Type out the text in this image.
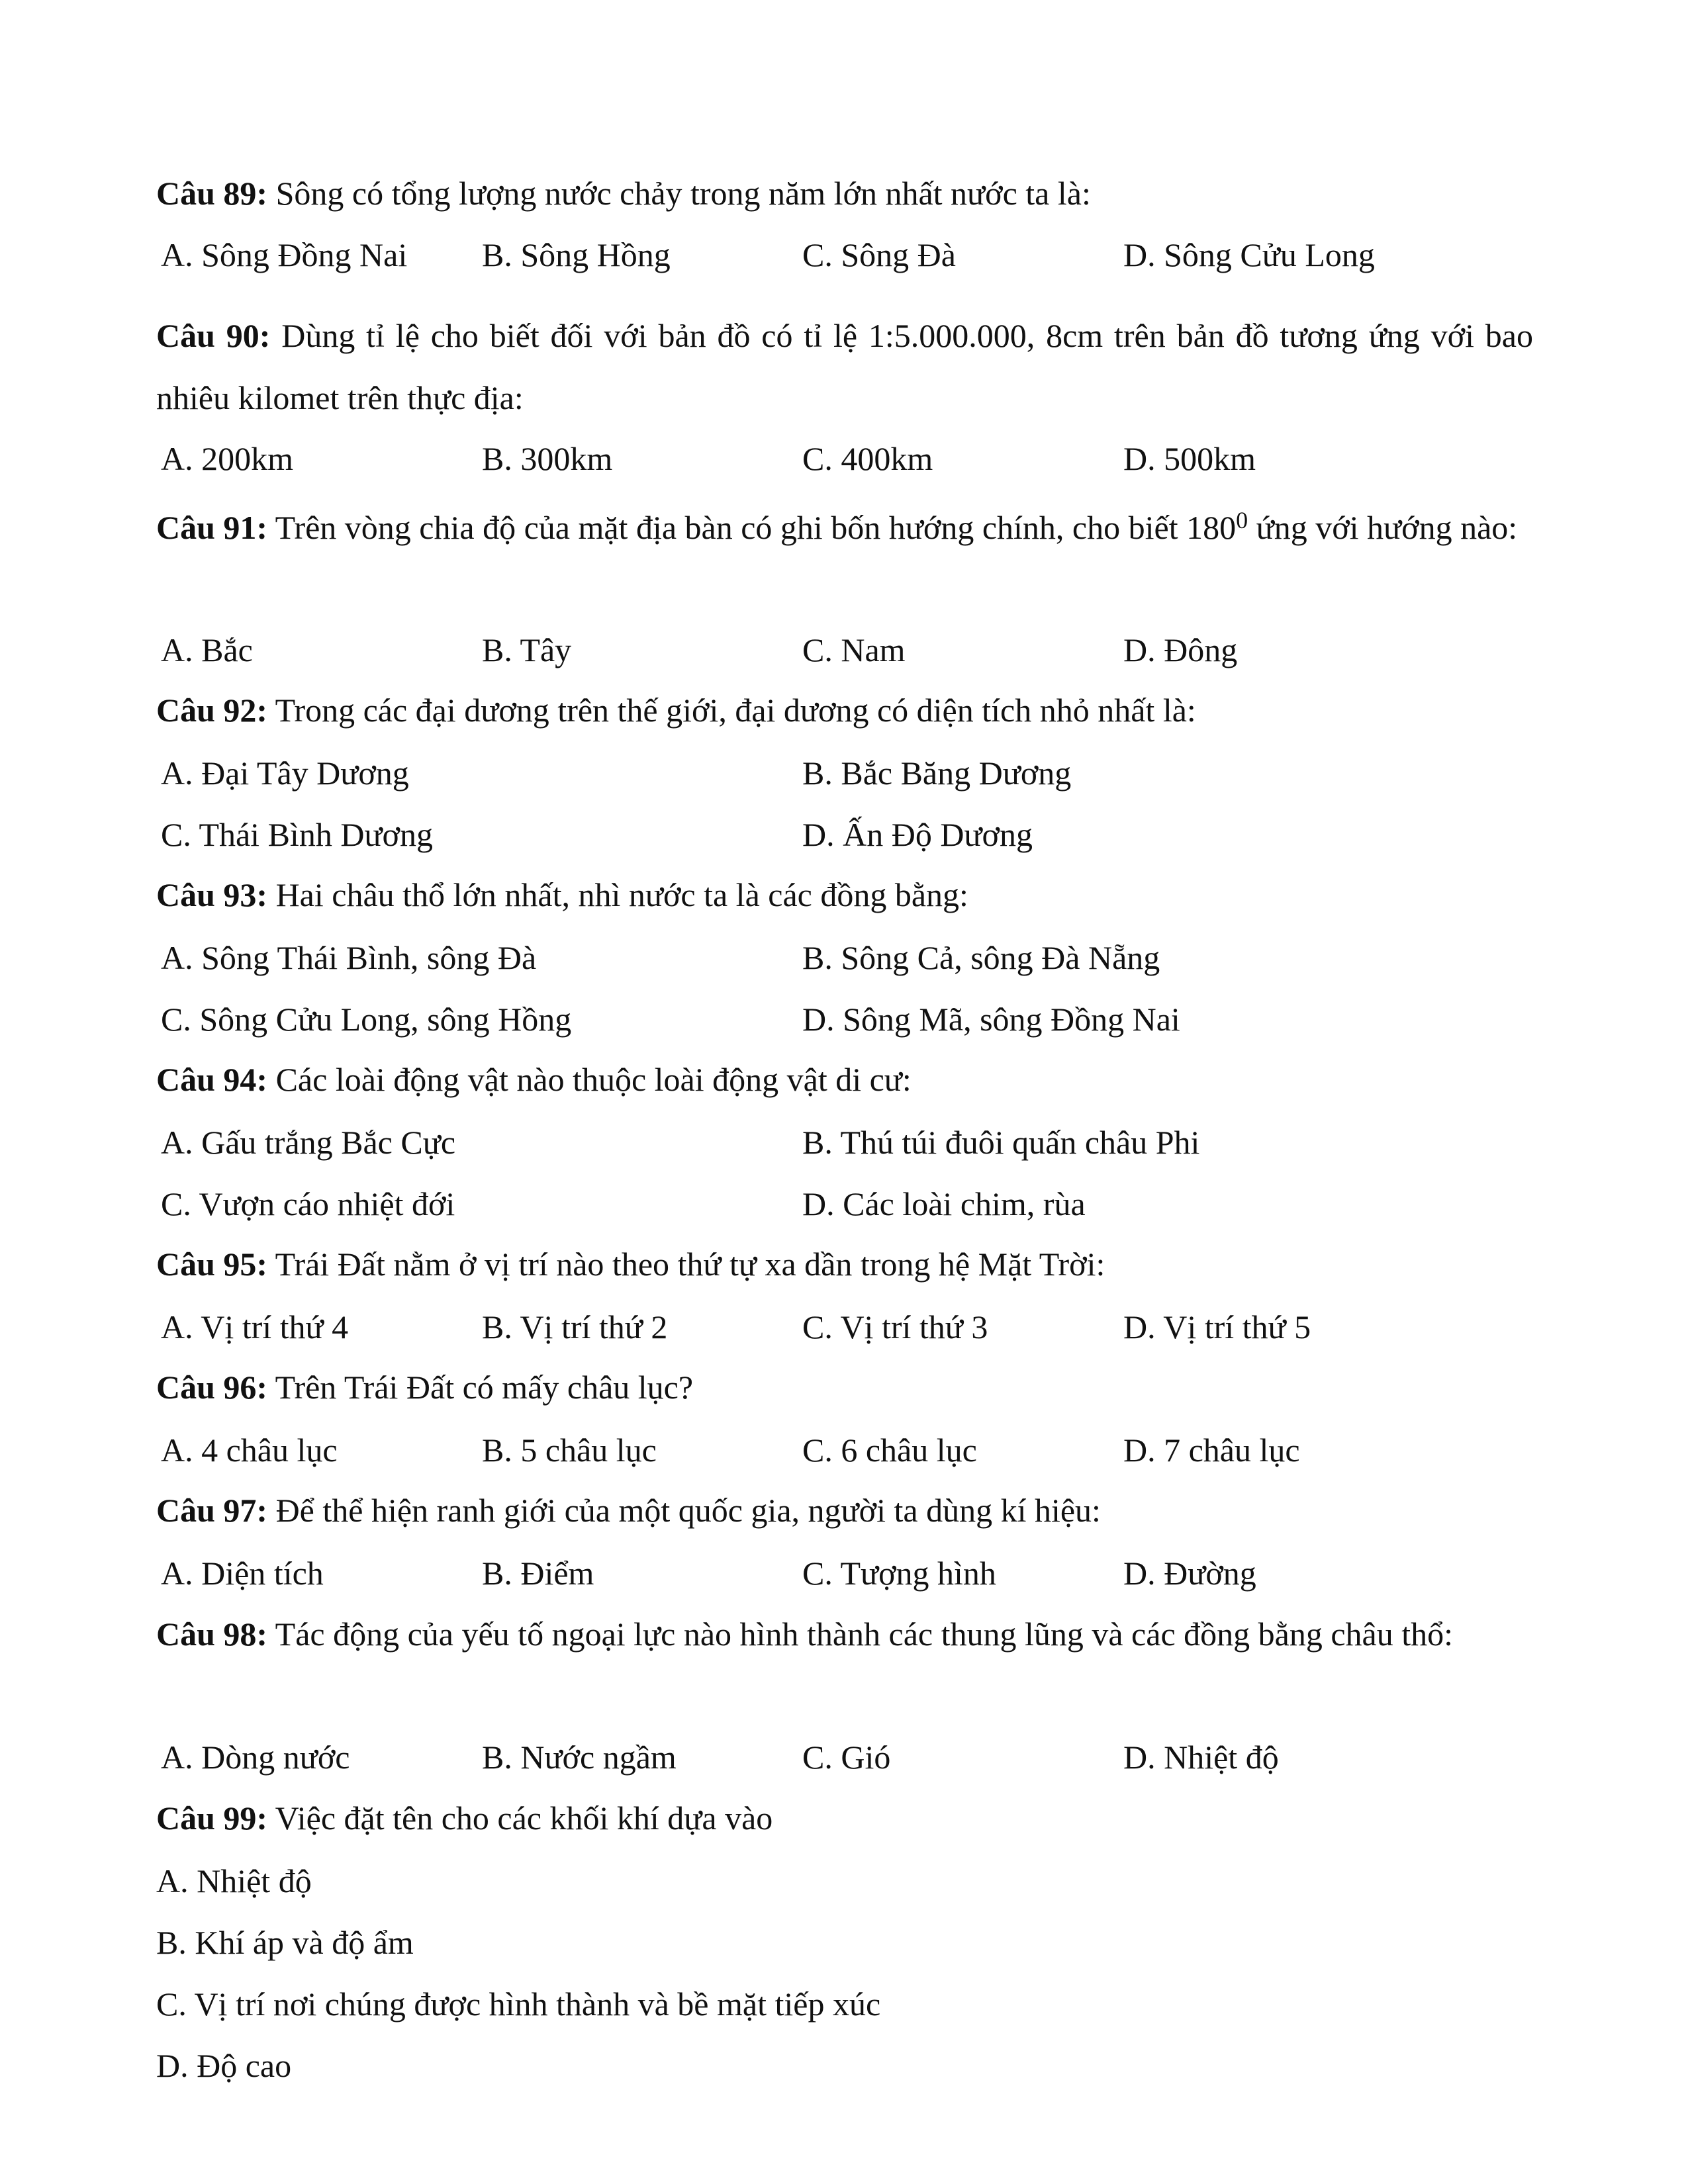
Câu 89: Sông có tổng lượng nước chảy trong năm lớn nhất nước ta là:

A. Sông Đồng Nai B. Sông Hồng	C. Sông Đà	D. Sông Cửu Long

Câu 90: Dùng tỉ lệ cho biết đối với bản đồ có tỉ lệ 1:5.000.000, 8cm trên bản đồ tương ứng với bao nhiêu kilomet trên thực địa:

A. 200km	B. 300km	C. 400km	D. 500km

Câu 91: Trên vòng chia độ của mặt địa bàn có ghi bốn hướng chính, cho biết $180^0$ ứng với hướng nào:

A. Bắc	B. Tây	C. Nam	D. Đông

Câu 92: Trong các đại dương trên thế giới, đại dương có diện tích nhỏ nhất là:

A. Đại Tây Dương	B. Bắc Băng Dương
C. Thái Bình Dương	D. Ấn Độ Dương

Câu 93: Hai châu thổ lớn nhất, nhì nước ta là các đồng bằng:

A. Sông Thái Bình, sông Đà	B. Sông Cả, sông Đà Nẵng
C. Sông Cửu Long, sông Hồng	D. Sông Mã, sông Đồng Nai

Câu 94: Các loài động vật nào thuộc loài động vật di cư:

A. Gấu trắng Bắc Cực	B. Thú túi đuôi quấn châu Phi
C. Vượn cáo nhiệt đới	D. Các loài chim, rùa

Câu 95: Trái Đất nằm ở vị trí nào theo thứ tự xa dần trong hệ Mặt Trời:

A. Vị trí thứ 4	B. Vị trí thứ 2	C. Vị trí thứ 3	D. Vị trí thứ 5

Câu 96: Trên Trái Đất có mấy châu lục?

A. 4 châu lục	B. 5 châu lục	C. 6 châu lục	D. 7 châu lục

Câu 97: Để thể hiện ranh giới của một quốc gia, người ta dùng kí hiệu:

A. Diện tích	B. Điểm	C. Tượng hình	D. Đường

Câu 98: Tác động của yếu tố ngoại lực nào hình thành các thung lũng và các đồng bằng châu thổ:

A. Dòng nước	B. Nước ngầm	C. Gió	D. Nhiệt độ

Câu 99: Việc đặt tên cho các khối khí dựa vào

A. Nhiệt độ
B. Khí áp và độ ẩm
C. Vị trí nơi chúng được hình thành và bề mặt tiếp xúc
D. Độ cao
